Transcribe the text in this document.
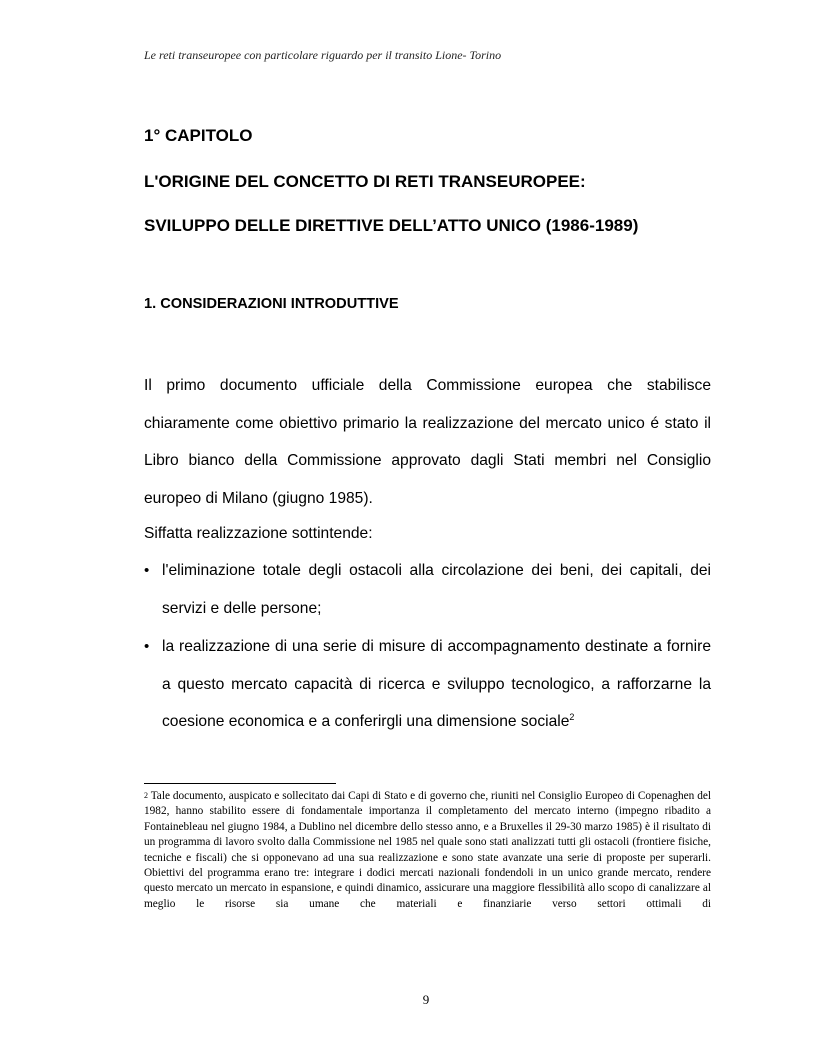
Le reti transeuropee con particolare riguardo per il transito Lione- Torino
1° CAPITOLO
L'ORIGINE DEL CONCETTO DI RETI TRANSEUROPEE:
SVILUPPO DELLE DIRETTIVE DELL’ATTO UNICO (1986-1989)
1. CONSIDERAZIONI INTRODUTTIVE

Il primo documento ufficiale della Commissione europea che stabilisce chiaramente come obiettivo primario la realizzazione del mercato unico é stato il Libro bianco della Commissione approvato dagli Stati membri nel Consiglio europeo di Milano (giugno 1985).

Siffatta realizzazione sottintende:
• l'eliminazione totale degli ostacoli alla circolazione dei beni, dei capitali, dei servizi e delle persone;
• la realizzazione di una serie di misure di accompagnamento destinate a fornire a questo mercato capacità di ricerca e sviluppo tecnologico, a rafforzarne la coesione economica e a conferirgli una dimensione sociale$^2$

$^2$ Tale documento, auspicato e sollecitato dai Capi di Stato e di governo che, riuniti nel Consiglio Europeo di Copenaghen del 1982, hanno stabilito essere di fondamentale importanza il completamento del mercato interno (impegno ribadito a Fontainebleau nel giugno 1984, a Dublino nel dicembre dello stesso anno, e a Bruxelles il 29-30 marzo 1985) è il risultato di un programma di lavoro svolto dalla Commissione nel 1985 nel quale sono stati analizzati tutti gli ostacoli (frontiere fisiche, tecniche e fiscali) che si opponevano ad una sua realizzazione e sono state avanzate una serie di proposte per superarli. Obiettivi del programma erano tre: integrare i dodici mercati nazionali fondendoli in un unico grande mercato, rendere questo mercato un mercato in espansione, e quindi dinamico, assicurare una maggiore flessibilità allo scopo di canalizzare al meglio le risorse sia umane che materiali e finanziarie verso settori ottimali di

9
